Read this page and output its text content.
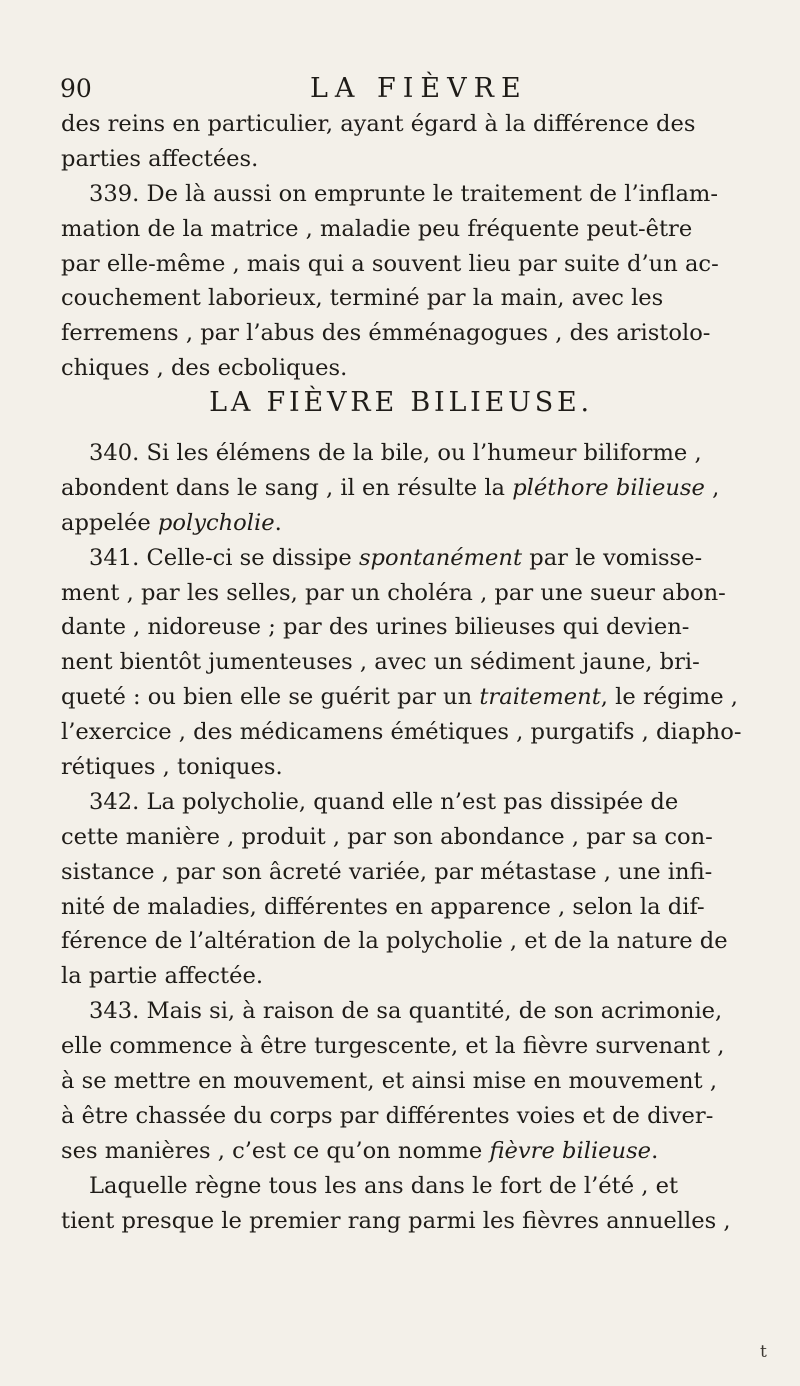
90	LA FIÈVRE
des reins en particulier, ayant égard à la différence des
parties affectées.
339. De là aussi on emprunte le traitement de l’inflam-
mation de la matrice , maladie peu fréquente peut-être
par elle-même , mais qui a souvent lieu par suite d’un ac-
couchement laborieux, terminé par la main, avec les
ferremens , par l’abus des émménagogues , des aristolo-
chiques , des ecboliques.
LA FIÈVRE BILIEUSE.
340. Si les élémens de la bile, ou l’humeur biliforme ,
abondent dans le sang , il en résulte la pléthore bilieuse ,
appelée polycholie.
341. Celle-ci se dissipe spontanément par le vomisse-
ment , par les selles, par un choléra , par une sueur abon-
dante , nidoreuse ; par des urines bilieuses qui devien-
nent bientôt jumenteuses , avec un sédiment jaune, bri-
queté : ou bien elle se guérit par un traitement, le régime ,
l’exercice , des médicamens émétiques , purgatifs , diapho-
rétiques , toniques.
342. La polycholie, quand elle n’est pas dissipée de
cette manière , produit , par son abondance , par sa con-
sistance , par son âcreté variée, par métastase , une infi-
nité de maladies, différentes en apparence , selon la dif-
férence de l’altération de la polycholie , et de la nature de
la partie affectée.
343. Mais si, à raison de sa quantité, de son acrimonie,
elle commence à être turgescente, et la fièvre survenant ,
à se mettre en mouvement, et ainsi mise en mouvement ,
à être chassée du corps par différentes voies et de diver-
ses manières , c’est ce qu’on nomme fièvre bilieuse.
Laquelle règne tous les ans dans le fort de l’été , et
tient presque le premier rang parmi les fièvres annuelles ,
t
